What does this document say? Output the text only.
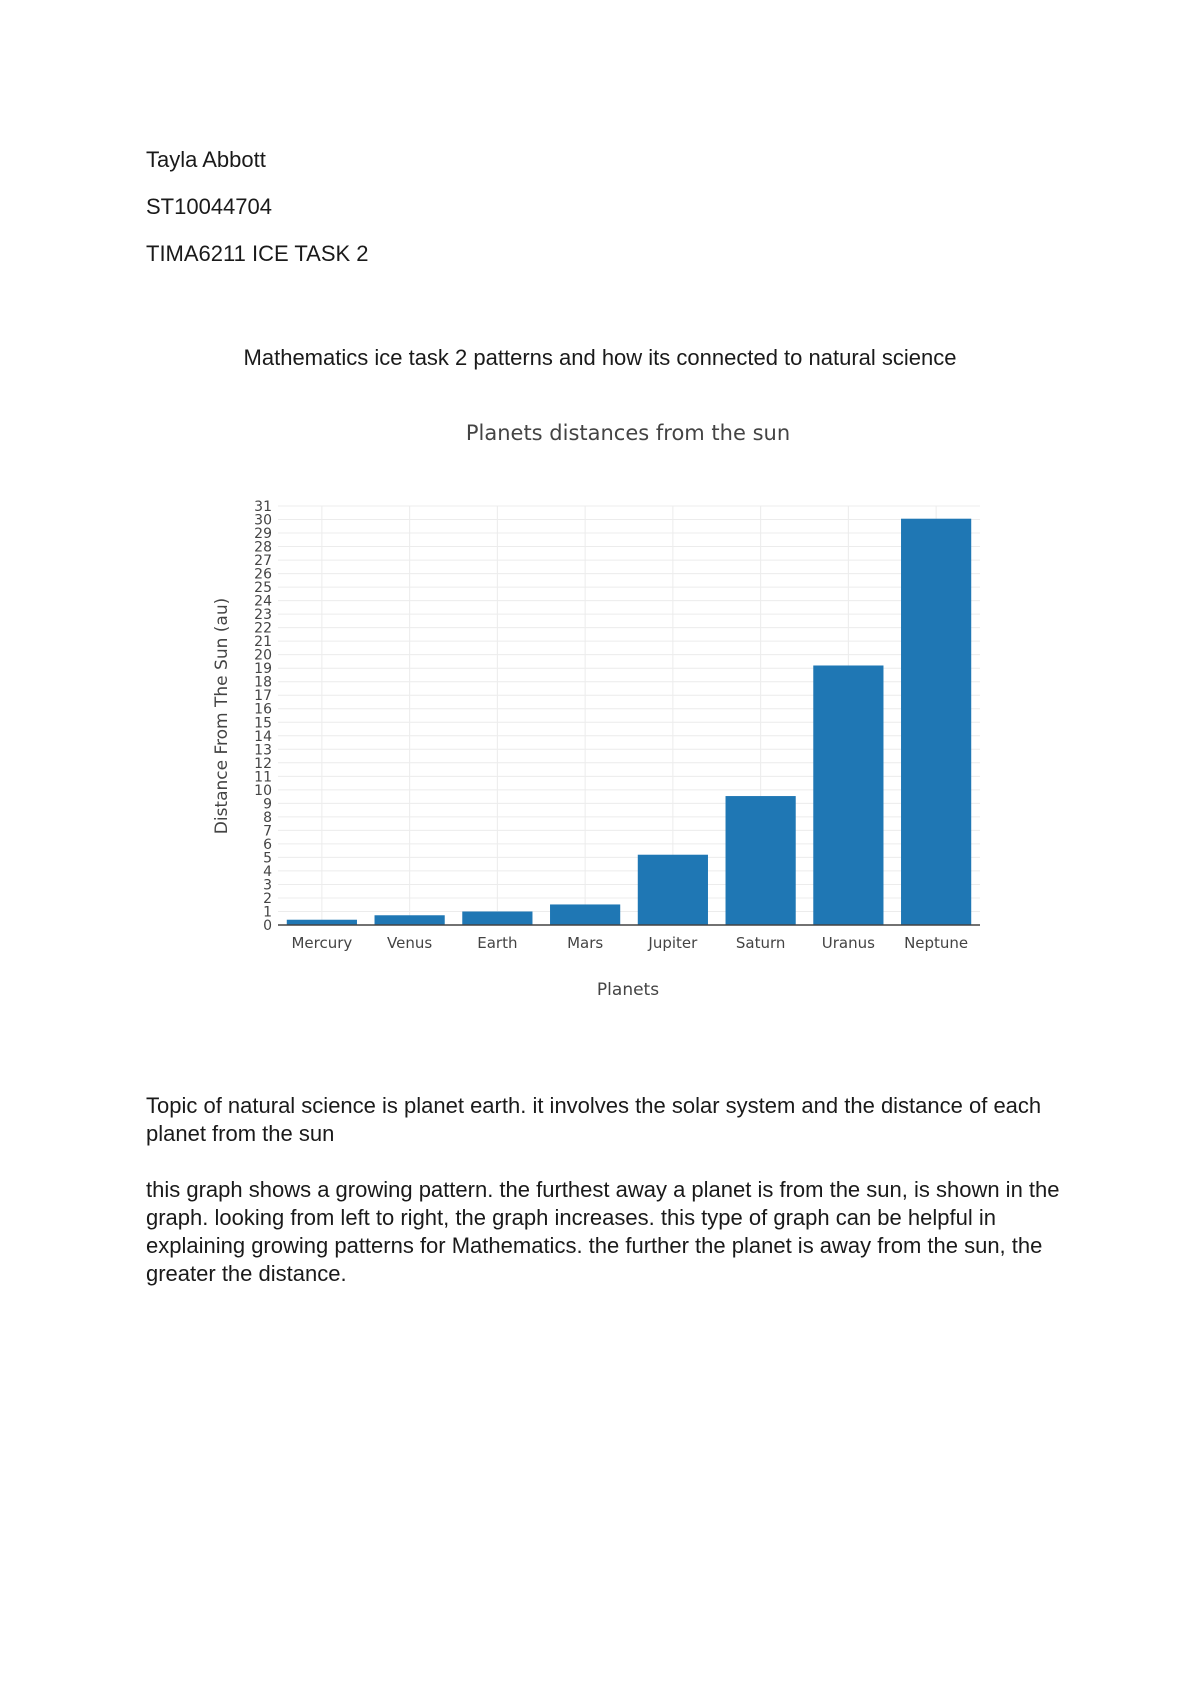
Tayla Abbott
ST10044704
TIMA6211 ICE TASK 2
Mathematics ice task 2 patterns and how its connected to natural science
Planets distances from the sun
0
1
2
3
4
5
6
7
8
9
10
11
12
13
14
15
16
17
18
19
20
21
22
23
24
25
26
27
28
29
30
31
Mercury Venus	Earth	Mars	Jupiter	Saturn Uranus Neptune
Planets
Distance From The Sun (au)
Topic of natural science is planet earth. it involves the solar system and the distance of each planet from the sun
this graph shows a growing pattern. the furthest away a planet is from the sun, is shown in the graph. looking from left to right, the graph increases. this type of graph can be helpful in explaining growing patterns for Mathematics. the further the planet is away from the sun, the greater the distance.
